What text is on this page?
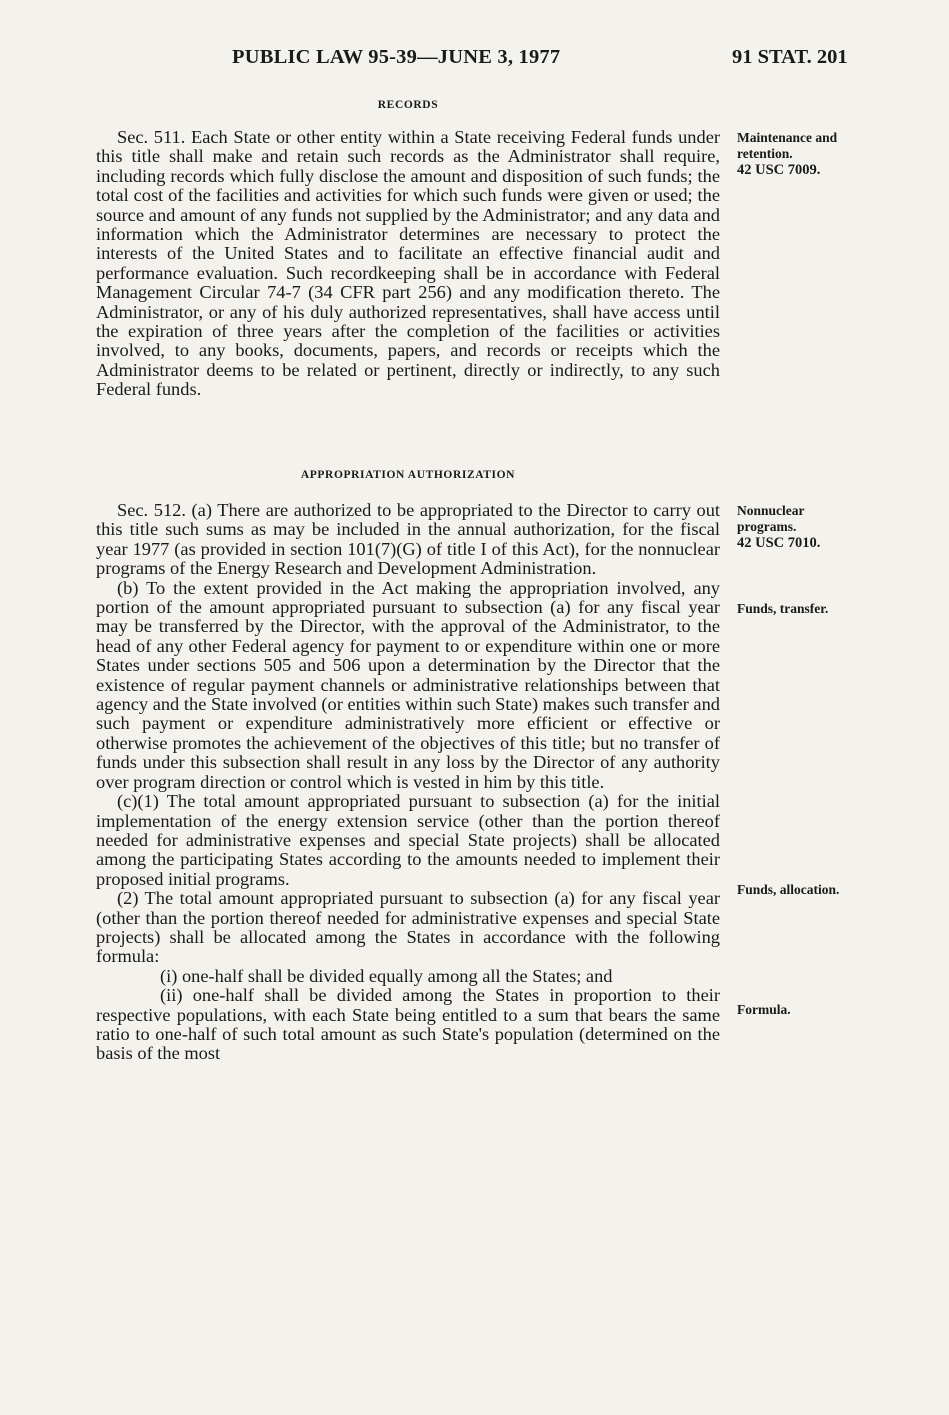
PUBLIC LAW 95-39—JUNE 3, 1977	91 STAT. 201
RECORDS

Sec. 511. Each State or other entity within a State receiving Federal funds under this title shall make and retain such records as the Administrator shall require, including records which fully disclose the amount and disposition of such funds; the total cost of the facilities and activities for which such funds were given or used; the source and amount of any funds not supplied by the Administrator; and any data and information which the Administrator determines are necessary to protect the interests of the United States and to facilitate an effective financial audit and performance evaluation. Such recordkeeping shall be in accordance with Federal Management Circular 74-7 (34 CFR part 256) and any modification thereto. The Administrator, or any of his duly authorized representatives, shall have access until the expiration of three years after the completion of the facilities or activities involved, to any books, documents, papers, and records or receipts which the Administrator deems to be related or pertinent, directly or indirectly, to any such Federal funds.

Maintenance and
retention.
42 USC 7009.
APPROPRIATION AUTHORIZATION

Sec. 512. (a) There are authorized to be appropriated to the Director to carry out this title such sums as may be included in the annual authorization, for the fiscal year 1977 (as provided in section 101(7)(G) of title I of this Act), for the nonnuclear programs of the Energy Research and Development Administration.

(b) To the extent provided in the Act making the appropriation involved, any portion of the amount appropriated pursuant to subsection (a) for any fiscal year may be transferred by the Director, with the approval of the Administrator, to the head of any other Federal agency for payment to or expenditure within one or more States under sections 505 and 506 upon a determination by the Director that the existence of regular payment channels or administrative relationships between that agency and the State involved (or entities within such State) makes such transfer and such payment or expenditure administratively more efficient or effective or otherwise promotes the achievement of the objectives of this title; but no transfer of funds under this subsection shall result in any loss by the Director of any authority over program direction or control which is vested in him by this title.

(c)(1) The total amount appropriated pursuant to subsection (a) for the initial implementation of the energy extension service (other than the portion thereof needed for administrative expenses and special State projects) shall be allocated among the participating States according to the amounts needed to implement their proposed initial programs.

(2) The total amount appropriated pursuant to subsection (a) for any fiscal year (other than the portion thereof needed for administrative expenses and special State projects) shall be allocated among the States in accordance with the following formula:

(i) one-half shall be divided equally among all the States; and

(ii) one-half shall be divided among the States in proportion to their respective populations, with each State being entitled to a sum that bears the same ratio to one-half of such total amount as such State's population (determined on the basis of the most

Nonnuclear
programs.
42 USC 7010.
Funds, transfer.
Funds, allocation.
Formula.
